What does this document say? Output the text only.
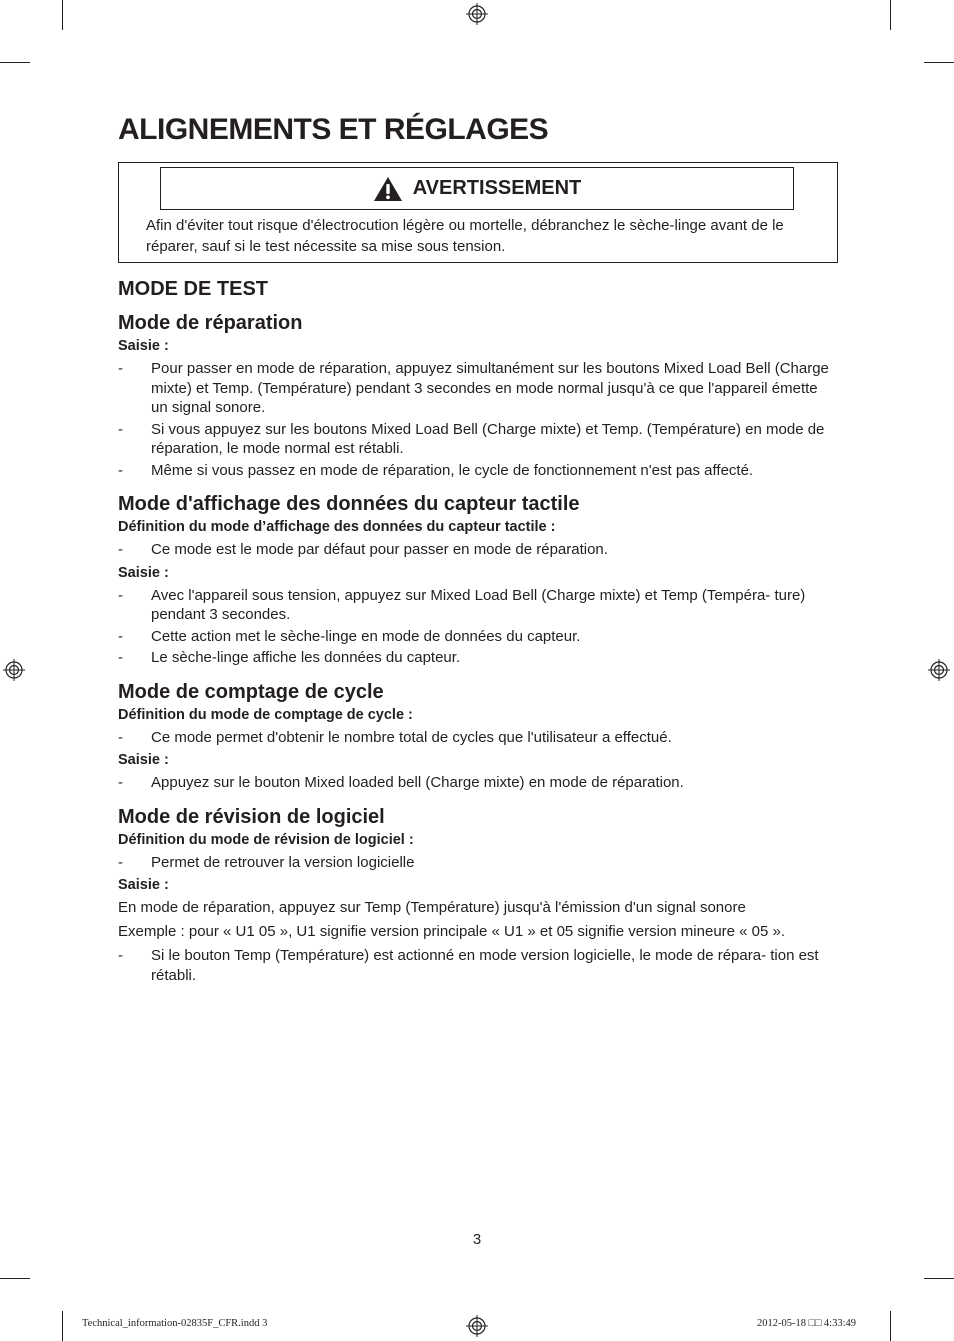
ALIGNEMENTS ET RÉGLAGES
AVERTISSEMENT
Afin d'éviter tout risque d'électrocution légère ou mortelle, débranchez le sèche-linge avant de le réparer, sauf si le test nécessite sa mise sous tension.
MODE DE TEST
Mode de réparation

Saisie :

-	Pour passer en mode de réparation, appuyez simultanément sur les boutons Mixed Load Bell (Charge mixte) et Temp. (Température) pendant 3 secondes en mode normal jusqu'à ce que l'appareil émette un signal sonore.
-	Si vous appuyez sur les boutons Mixed Load Bell (Charge mixte) et Temp. (Température) en mode de réparation, le mode normal est rétabli.
-	Même si vous passez en mode de réparation, le cycle de fonctionnement n'est pas affecté.
Mode d'affichage des données du capteur tactile

Définition du mode d’affichage des données du capteur tactile :

-	Ce mode est le mode par défaut pour passer en mode de réparation.

Saisie :

-	Avec l'appareil sous tension, appuyez sur Mixed Load Bell (Charge mixte) et Temp (Tempéra- ture) pendant 3 secondes.
-	Cette action met le sèche-linge en mode de données du capteur.
-	Le sèche-linge affiche les données du capteur.
Mode de comptage de cycle

Définition du mode de comptage de cycle :

-	Ce mode permet d'obtenir le nombre total de cycles que l'utilisateur a effectué.

Saisie :

-	Appuyez sur le bouton Mixed loaded bell (Charge mixte) en mode de réparation.
Mode de révision de logiciel

Définition du mode de révision de logiciel :

-	Permet de retrouver la version logicielle

Saisie :

En mode de réparation, appuyez sur Temp (Température) jusqu'à l'émission d'un signal sonore

Exemple : pour « U1 05 », U1 signifie version principale « U1 » et 05 signifie version mineure « 05 ».

-	Si le bouton Temp (Température) est actionné en mode version logicielle, le mode de répara- tion est rétabli.
3
Technical_information-02835F_CFR.indd 3	2012-05-18 □□ 4:33:49
